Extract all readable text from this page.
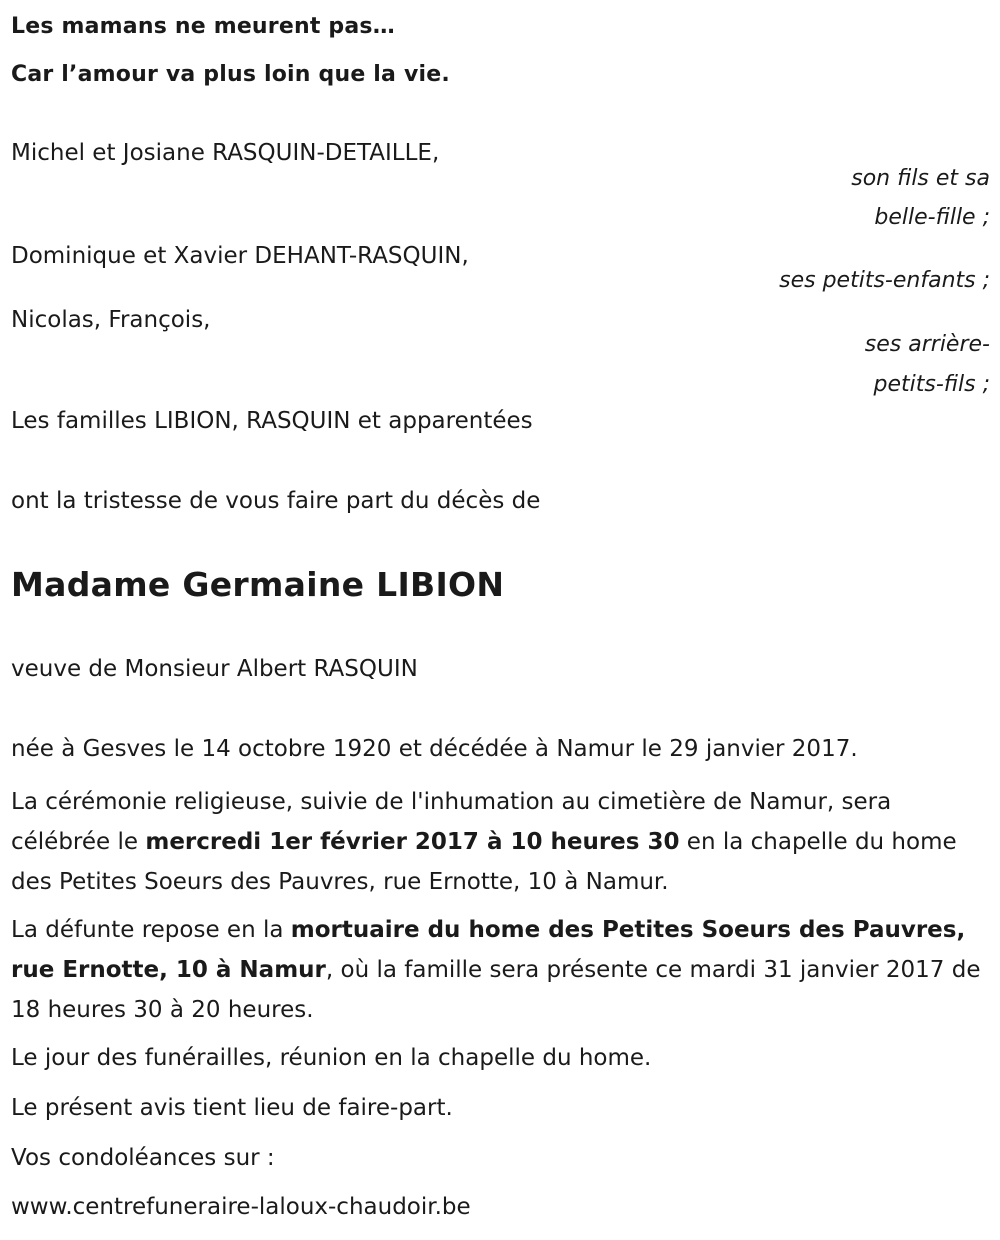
Les mamans ne meurent pas…
Car l’amour va plus loin que la vie.
Michel et Josiane RASQUIN-DETAILLE,
son fils et sa
belle-fille ;
Dominique et Xavier DEHANT-RASQUIN,
ses petits-enfants ;
Nicolas, François,
ses arrière-
petits-fils ;
Les familles LIBION, RASQUIN et apparentées
ont la tristesse de vous faire part du décès de
Madame Germaine LIBION
veuve de Monsieur Albert RASQUIN
née à Gesves le 14 octobre 1920 et décédée à Namur le 29 janvier 2017.
La cérémonie religieuse, suivie de l'inhumation au cimetière de Namur, sera célébrée le mercredi 1er février 2017 à 10 heures 30 en la chapelle du home des Petites Soeurs des Pauvres, rue Ernotte, 10 à Namur.
La défunte repose en la mortuaire du home des Petites Soeurs des Pauvres, rue Ernotte, 10 à Namur, où la famille sera présente ce mardi 31 janvier 2017 de 18 heures 30 à 20 heures.
Le jour des funérailles, réunion en la chapelle du home.
Le présent avis tient lieu de faire-part.
Vos condoléances sur :
www.centrefuneraire-laloux-chaudoir.be
